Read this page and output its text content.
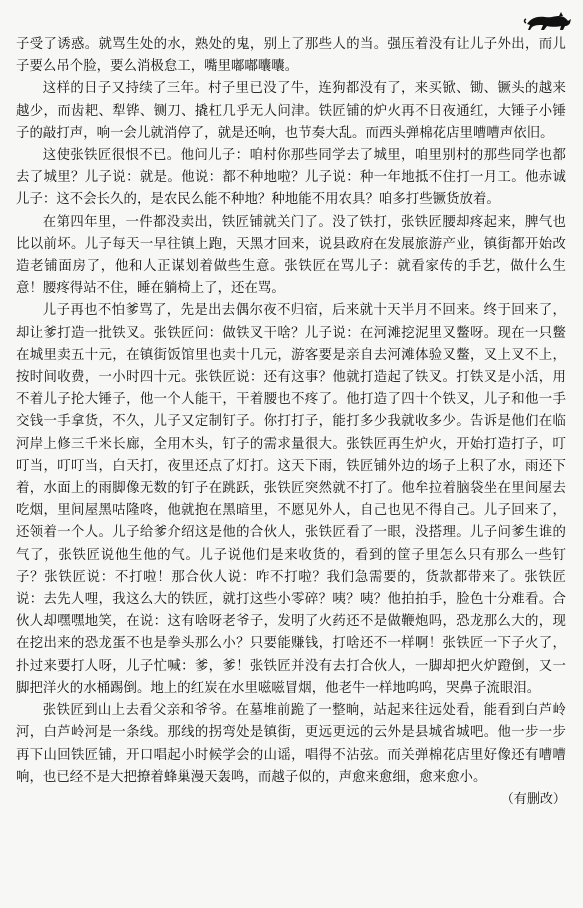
子受了诱惑。就骂生处的水，熟处的鬼，别上了那些人的当。强压着没有让儿子外出，而儿子要么吊个脸，要么消极怠工，嘴里嘟嘟囔囔。

这样的日子又持续了三年。村子里已没了牛，连狗都没有了，来买锨、锄、镢头的越来越少，而齿耙、犁铧、铡刀、撬杠几乎无人问津。铁匠铺的炉火再不日夜通红，大锤子小锤子的敲打声，响一会儿就消停了，就是还响，也节奏大乱。而西头弹棉花店里嘈嘈声依旧。

这使张铁匠很恨不已。他问儿子：咱村你那些同学去了城里，咱里别村的那些同学也都去了城里？儿子说：就是。他说：都不种地啦？儿子说：种一年地抵不住打一月工。他赤诚儿子：这不会长久的，是农民么能不种地？种地能不用农具？咱多打些镢货放着。

在第四年里，一件都没卖出，铁匠铺就关门了。没了铁打，张铁匠腰却疼起来，脾气也比以前坏。儿子每天一早往镇上跑，天黑才回来，说县政府在发展旅游产业，镇街都开始改造老铺面房了，他和人正谋划着做些生意。张铁匠在骂儿子：就看家传的手艺，做什么生意！腰疼得站不住，睡在躺椅上了，还在骂。

儿子再也不怕爹骂了，先是出去偶尔夜不归宿，后来就十天半月不回来。终于回来了，却让爹打造一批铁叉。张铁匠问：做铁叉干啥？儿子说：在河滩挖泥里叉鳖呀。现在一只鳖在城里卖五十元，在镇街饭馆里也卖十几元，游客要是亲自去河滩体验叉鳖，叉上叉不上，按时间收费，一小时四十元。张铁匠说：还有这事？他就打造起了铁叉。打铁叉是小活，用不着儿子抡大锤子，他一个人能干，干着腰也不疼了。他打造了四十个铁叉，儿子和他一手交钱一手拿货，不久，儿子又定制钉子。你打打子，能打多少我就收多少。告诉是他们在临河岸上修三千米长廊，全用木头，钉子的需求量很大。张铁匠再生炉火，开始打造打子，叮叮当，叮叮当，白天打，夜里还点了灯打。这天下雨，铁匠铺外边的场子上积了水，雨还下着，水面上的雨脚像无数的钉子在跳跃，张铁匠突然就不打了。他牟拉着脑袋坐在里间屋去吃烟，里间屋黑咕隆咚，他就抱在黑暗里，不愿见外人，自己也见不得自己。儿子回来了，还领着一个人。儿子给爹介绍这是他的合伙人，张铁匠看了一眼，没搭理。儿子问爹生谁的气了，张铁匠说他生他的气。儿子说他们是来收货的，看到的筐子里怎么只有那么一些钉子？张铁匠说：不打啦！那合伙人说：咋不打啦？我们急需要的，货款都带来了。张铁匠说：去先人哩，我这么大的铁匠，就打这些小零碎？咦？咦？他拍拍手，脸色十分难看。合伙人却嘿嘿地笑，在说：这有啥呀老爷子，发明了火药还不是做鞭炮吗，恐龙那么大的，现在挖出来的恐龙蛋不也是拳头那么小？只要能赚钱，打啥还不一样啊！张铁匠一下子火了，扑过来要打人呀，儿子忙喊：爹，爹！张铁匠并没有去打合伙人，一脚却把火炉蹬倒，又一脚把洋火的水桶踢倒。地上的红炭在水里嗞嗞冒烟，他老牛一样地呜呜，哭鼻子流眼泪。

张铁匠到山上去看父亲和爷爷。在墓堆前跪了一整晌，站起来往远处看，能看到白芦岭河，白芦岭河是一条线。那线的拐弯处是镇街，更远更远的云外是县城省城吧。他一步一步再下山回铁匠铺，开口唱起小时候学会的山谣，唱得不沾弦。而关弹棉花店里好像还有嘈嘈响，也已经不是大把撩着蜂巢漫天轰鸣，而越子似的，声愈来愈细，愈来愈小。

（有删改）
